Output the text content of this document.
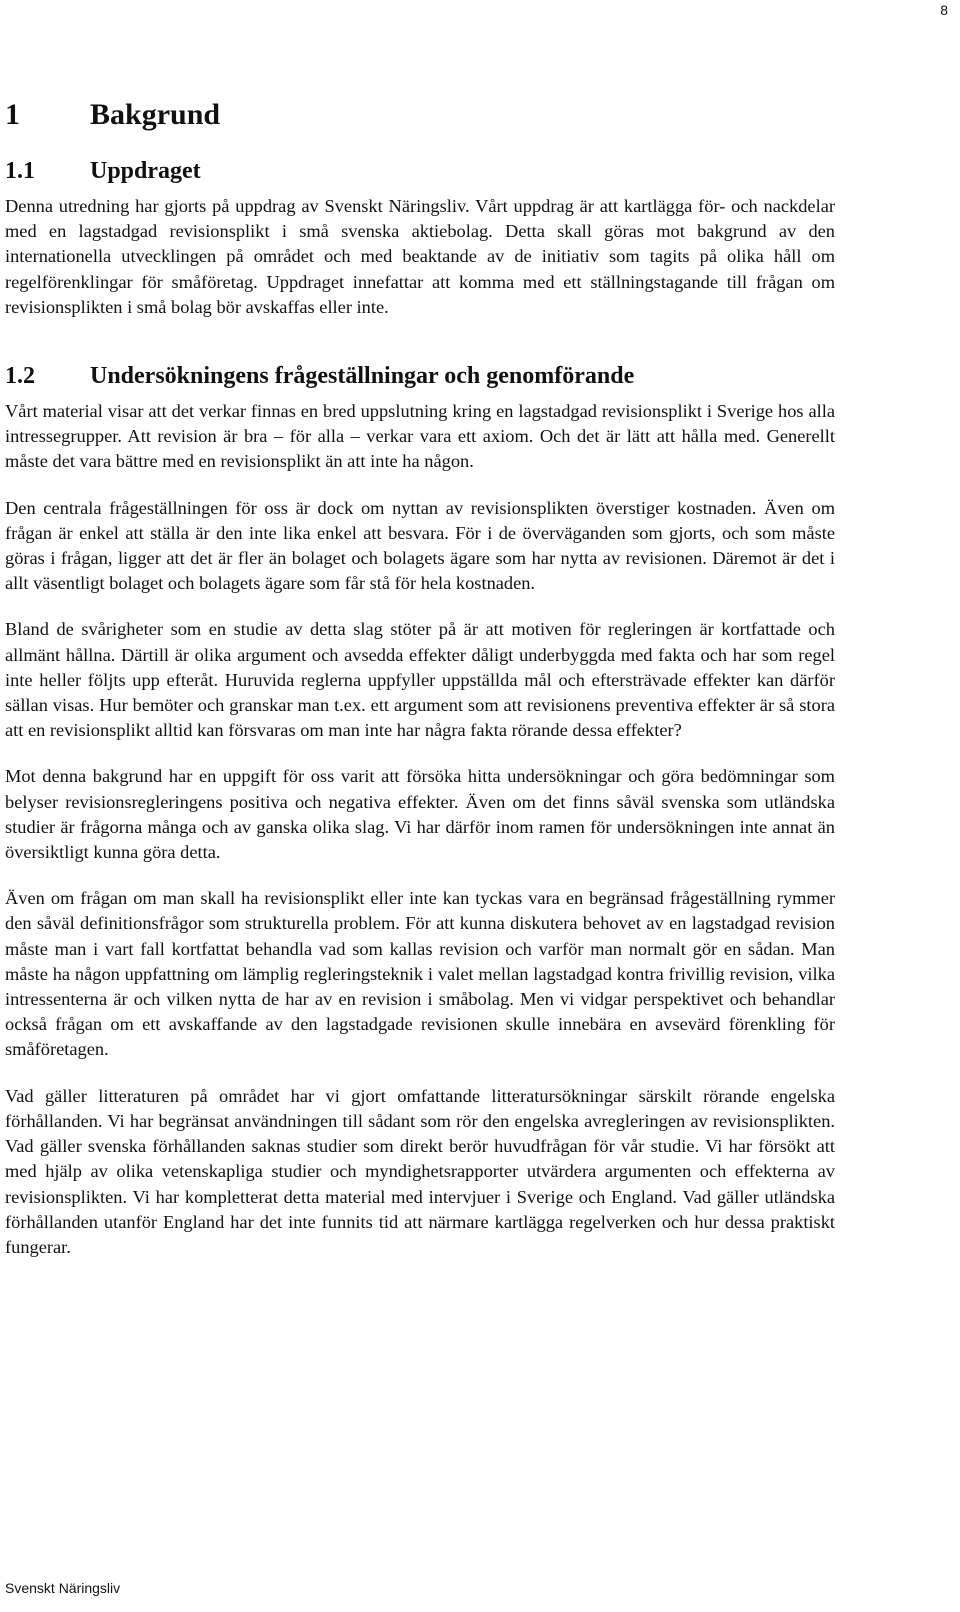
8
1 Bakgrund
1.1 Uppdraget

Denna utredning har gjorts på uppdrag av Svenskt Näringsliv. Vårt uppdrag är att kartlägga för- och nackdelar med en lagstadgad revisionsplikt i små svenska aktiebolag. Detta skall göras mot bakgrund av den internationella utvecklingen på området och med beaktande av de initiativ som tagits på olika håll om regelförenklingar för småföretag. Uppdraget innefattar att komma med ett ställningstagande till frågan om revisionsplikten i små bolag bör avskaffas eller inte.

1.2 Undersökningens frågeställningar och genomförande

Vårt material visar att det verkar finnas en bred uppslutning kring en lagstadgad revisionsplikt i Sverige hos alla intressegrupper. Att revision är bra – för alla – verkar vara ett axiom. Och det är lätt att hålla med. Generellt måste det vara bättre med en revisionsplikt än att inte ha någon.

Den centrala frågeställningen för oss är dock om nyttan av revisionsplikten överstiger kostnaden. Även om frågan är enkel att ställa är den inte lika enkel att besvara. För i de överväganden som gjorts, och som måste göras i frågan, ligger att det är fler än bolaget och bolagets ägare som har nytta av revisionen. Däremot är det i allt väsentligt bolaget och bolagets ägare som får stå för hela kostnaden.

Bland de svårigheter som en studie av detta slag stöter på är att motiven för regleringen är kortfattade och allmänt hållna. Därtill är olika argument och avsedda effekter dåligt underbyggda med fakta och har som regel inte heller följts upp efteråt. Huruvida reglerna uppfyller uppställda mål och eftersträvade effekter kan därför sällan visas. Hur bemöter och granskar man t.ex. ett argument som att revisionens preventiva effekter är så stora att en revisionsplikt alltid kan försvaras om man inte har några fakta rörande dessa effekter?

Mot denna bakgrund har en uppgift för oss varit att försöka hitta undersökningar och göra bedömningar som belyser revisionsregleringens positiva och negativa effekter. Även om det finns såväl svenska som utländska studier är frågorna många och av ganska olika slag. Vi har därför inom ramen för undersökningen inte annat än översiktligt kunna göra detta.

Även om frågan om man skall ha revisionsplikt eller inte kan tyckas vara en begränsad frågeställning rymmer den såväl definitionsfrågor som strukturella problem. För att kunna diskutera behovet av en lagstadgad revision måste man i vart fall kortfattat behandla vad som kallas revision och varför man normalt gör en sådan. Man måste ha någon uppfattning om lämplig regleringsteknik i valet mellan lagstadgad kontra frivillig revision, vilka intressenterna är och vilken nytta de har av en revision i småbolag. Men vi vidgar perspektivet och behandlar också frågan om ett avskaffande av den lagstadgade revisionen skulle innebära en avsevärd förenkling för småföretagen.

Vad gäller litteraturen på området har vi gjort omfattande litteratursökningar särskilt rörande engelska förhållanden. Vi har begränsat användningen till sådant som rör den engelska avregleringen av revisionsplikten. Vad gäller svenska förhållanden saknas studier som direkt berör huvudfrågan för vår studie. Vi har försökt att med hjälp av olika vetenskapliga studier och myndighetsrapporter utvärdera argumenten och effekterna av revisionsplikten. Vi har kompletterat detta material med intervjuer i Sverige och England. Vad gäller utländska förhållanden utanför England har det inte funnits tid att närmare kartlägga regelverken och hur dessa praktiskt fungerar.

Svenskt Näringsliv
